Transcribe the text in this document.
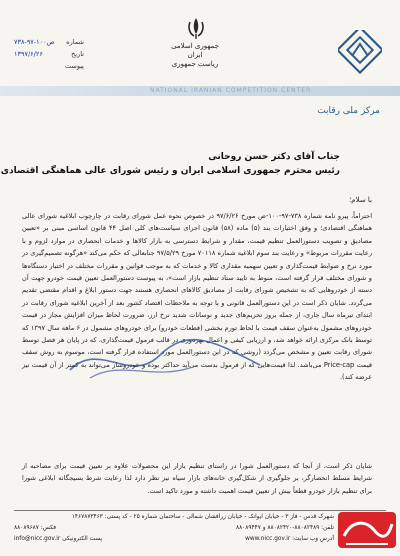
جمهوری اسلامی ایران
ریاست جمهوری
شماره
۷۳۸-۹۷-۱۰۰ص
تاریخ
۱۳۹۷/۶/۲۶
پیوست
NATIONAL IRANIAN COMPETITION CENTER
مرکز ملی رقابت
جناب آقای دکتر حسن روحانی
رئیس محترم جمهوری اسلامی ایران و رئیس شورای عالی هماهنگی اقتصادی
با سلام؛
احتراماً، پیرو نامه شماره ۷۳۸-۹۷-۱۰۰-ص مورخ ۹۷/۶/۲۶ در خصوص نحوه عمل شورای رقابت در چارچوب ابلاغیه شورای عالی هماهنگی اقتصادی؛ و وفق اختیارات بند (۵) ماده (۵۸) قانون اجرای سیاست‌های کلی اصل ۴۴ قانون اساسی مبنی بر «تعیین مصادیق و تصویب دستورالعمل تنظیم قیمت، مقدار و شرایط دسترسی به بازار کالاها و خدمات انحصاری در موارد لزوم و با رعایت مقررات مربوط» و رعایت بند سوم ابلاغیه شماره ۷۰۱۱۸ مورخ ۹۷/۵/۲۹ جنابعالی که حکم می‌کند «هرگونه تصمیم‌گیری در مورد نرخ و ضوابط قیمت‌گذاری و تعیین سهمیه مقداری کالا و خدمات که به موجب قوانین و مقررات مختلف در اختیار دستگاه‌ها و شورای مختلف قرار گرفته است، منوط به تایید ستاد تنظیم بازار است»، به پیوست دستورالعمل تعیین قیمت خودرو جهت آن دسته از خودروهایی که به تشخیص شورای رقابت از مصادیق کالاهای انحصاری هستند جهت دستور ابلاغ و اقدام مقتضی تقدیم می‌گردد. شایان ذکر است در این دستورالعمل قانونی و با توجه به ملاحظات اقتصاد کشور بعد از آخرین ابلاغیه شورای رقابت در ابتدای تیرماه سال جاری، از جمله بروز تحریم‌های جدید و نوسانات شدید نرخ ارز، ضرورت لحاظ میزان افزایش مجاز در قیمت خودروهای مشمول به‌عنوان سقف قیمت با لحاظ تورم بخشی (قطعات خودرو) برای خودروهای مشمول در ۶ ماهه سال ۱۳۹۷ که توسط بانک مرکزی ارائه خواهد شد، و ارزیابی کیفی و اعمال بهره‌وری در قالب فرمول قیمت‌گذاری، که در پایان هر فصل توسط شورای رقابت تعیین و مشخص می‌گردد (روشی که در این دستورالعمل مورد استفاده قرار گرفته است، موسوم به روش سقف قیمت Price-cap می‌باشد. لذا قیمت‌هایی که از فرمول بدست می‌آید حداکثر بوده و خودروساز می‌تواند به کمتر از آن قیمت نیز عرضه کند).
شایان ذکر است، از آنجا که دستورالعمل شورا در راستای تنظیم بازار این محصولات علاوه بر تعیین قیمت برای مصاحبه از شرایط مسلط انحصارگر، بر جلوگیری از شکل‌گیری خانه‌های بازار سیاه نیز نظر دارد لذا رعایت شرط بسیجگانه ابلاغی شورا برای تنظیم بازار خودرو قطعاً بیش از تعیین قیمت اهمیت داشته و مورد تاکید است.
شهرک قدس - فاز ۳ - خیابان ایوانک - خیابان زرافشان شمالی - ساختمان شماره ۲۵ - کد پستی: ۱۴۶۷۸۷۳۴۶۳
تلفن: ۸۸۰۸۲۴۸۹-۸۸۰۸۲۴۲۰ و ۸۸۰۸۹۴۴۷
فکس: ۸۸۰۸۹۶۸۷
آدرس وب سایت: www.nicc.gov.ir
پست الکترونیکی info@nicc.gov.ir
